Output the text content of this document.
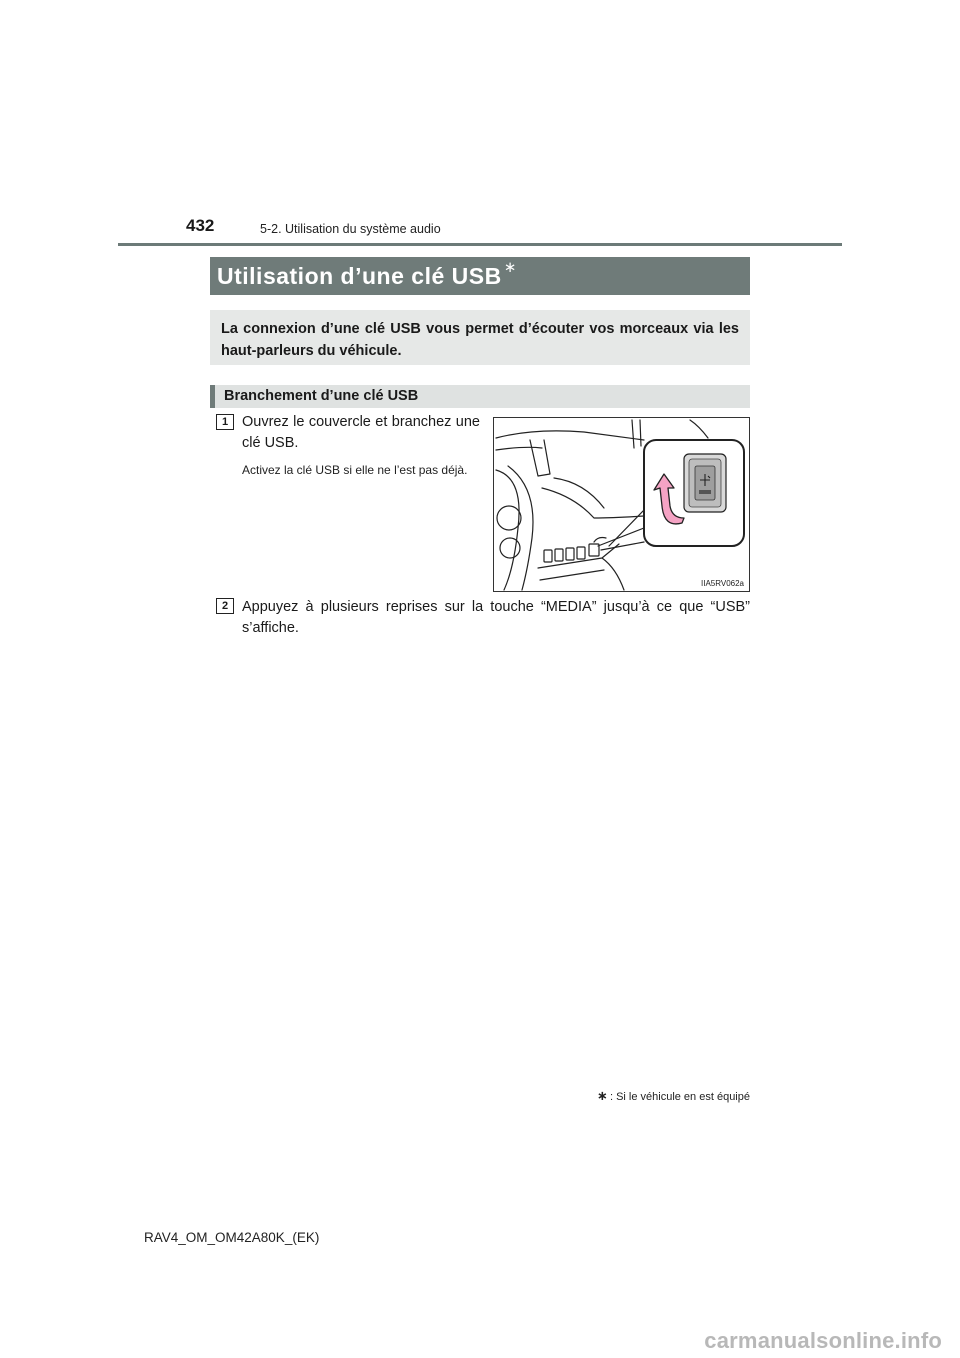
432	5-2. Utilisation du système audio
Utilisation d’une clé USB ∗
La connexion d’une clé USB vous permet d’écouter vos morceaux via les haut-parleurs du véhicule.
Branchement d’une clé USB
1 Ouvrez le couvercle et branchez une clé USB.
Activez la clé USB si elle ne l’est pas déjà.
IIA5RV062a
2 Appuyez à plusieurs reprises sur la touche “MEDIA” jusqu’à ce que “USB” s’affiche.
∗ : Si le véhicule en est équipé
RAV4_OM_OM42A80K_(EK)
carmanualsonline.info
